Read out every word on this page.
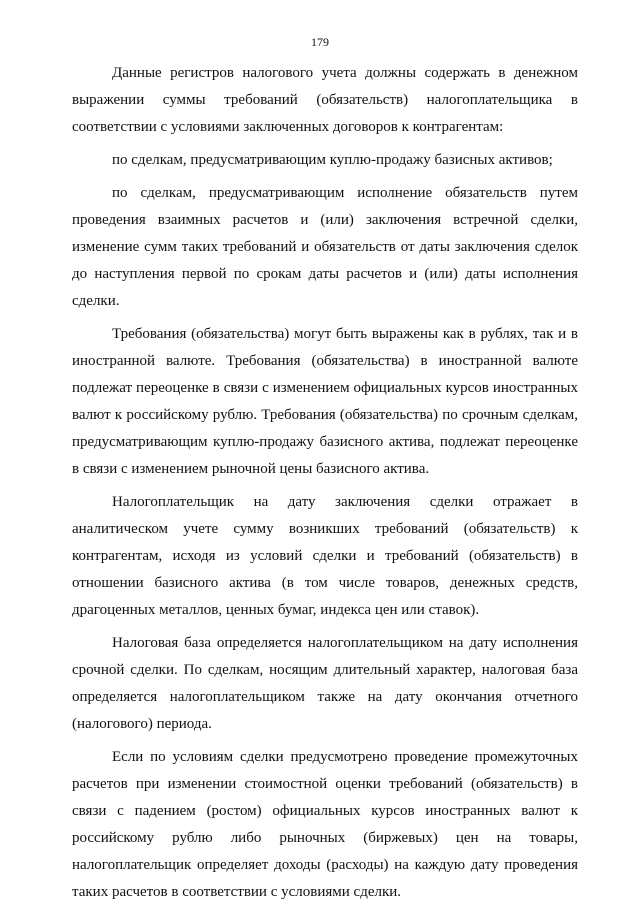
179

Данные регистров налогового учета должны содержать в денежном выражении суммы требований (обязательств) налогоплательщика в соответствии с условиями заключенных договоров к контрагентам:

по сделкам, предусматривающим куплю-продажу базисных активов;

по сделкам, предусматривающим исполнение обязательств путем проведения взаимных расчетов и (или) заключения встречной сделки, изменение сумм таких требований и обязательств от даты заключения сделок до наступления первой по срокам даты расчетов и (или) даты исполнения сделки.

Требования (обязательства) могут быть выражены как в рублях, так и в иностранной валюте. Требования (обязательства) в иностранной валюте подлежат переоценке в связи с изменением официальных курсов иностранных валют к российскому рублю. Требования (обязательства) по срочным сделкам, предусматривающим куплю-продажу базисного актива, подлежат переоценке в связи с изменением рыночной цены базисного актива.

Налогоплательщик на дату заключения сделки отражает в аналитическом учете сумму возникших требований (обязательств) к контрагентам, исходя из условий сделки и требований (обязательств) в отношении базисного актива (в том числе товаров, денежных средств, драгоценных металлов, ценных бумаг, индекса цен или ставок).

Налоговая база определяется налогоплательщиком на дату исполнения срочной сделки. По сделкам, носящим длительный характер, налоговая база определяется налогоплательщиком также на дату окончания отчетного (налогового) периода.

Если по условиям сделки предусмотрено проведение промежуточных расчетов при изменении стоимостной оценки требований (обязательств) в связи с падением (ростом) официальных курсов иностранных валют к российскому рублю либо рыночных (биржевых) цен на товары, налогоплательщик определяет доходы (расходы) на каждую дату проведения таких расчетов в соответствии с условиями сделки.
